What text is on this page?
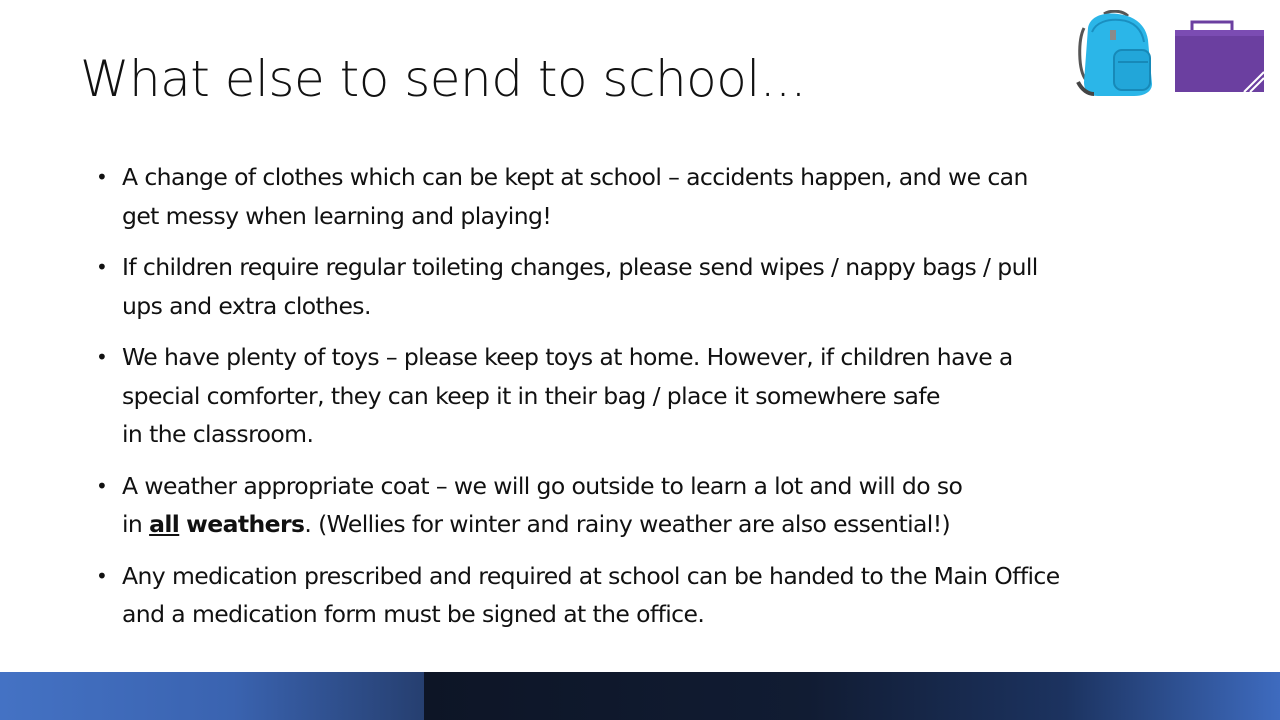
What else to send to school...
• A change of clothes which can be kept at school – accidents happen, and we can
get messy when learning and playing!
• If children require regular toileting changes, please send wipes / nappy bags / pull
ups and extra clothes.
• We have plenty of toys – please keep toys at home. However, if children have a
special comforter, they can keep it in their bag / place it somewhere safe
in the classroom.
• A weather appropriate coat – we will go outside to learn a lot and will do so
in all weathers. (Wellies for winter and rainy weather are also essential!)
• Any medication prescribed and required at school can be handed to the Main Office
and a medication form must be signed at the office.
